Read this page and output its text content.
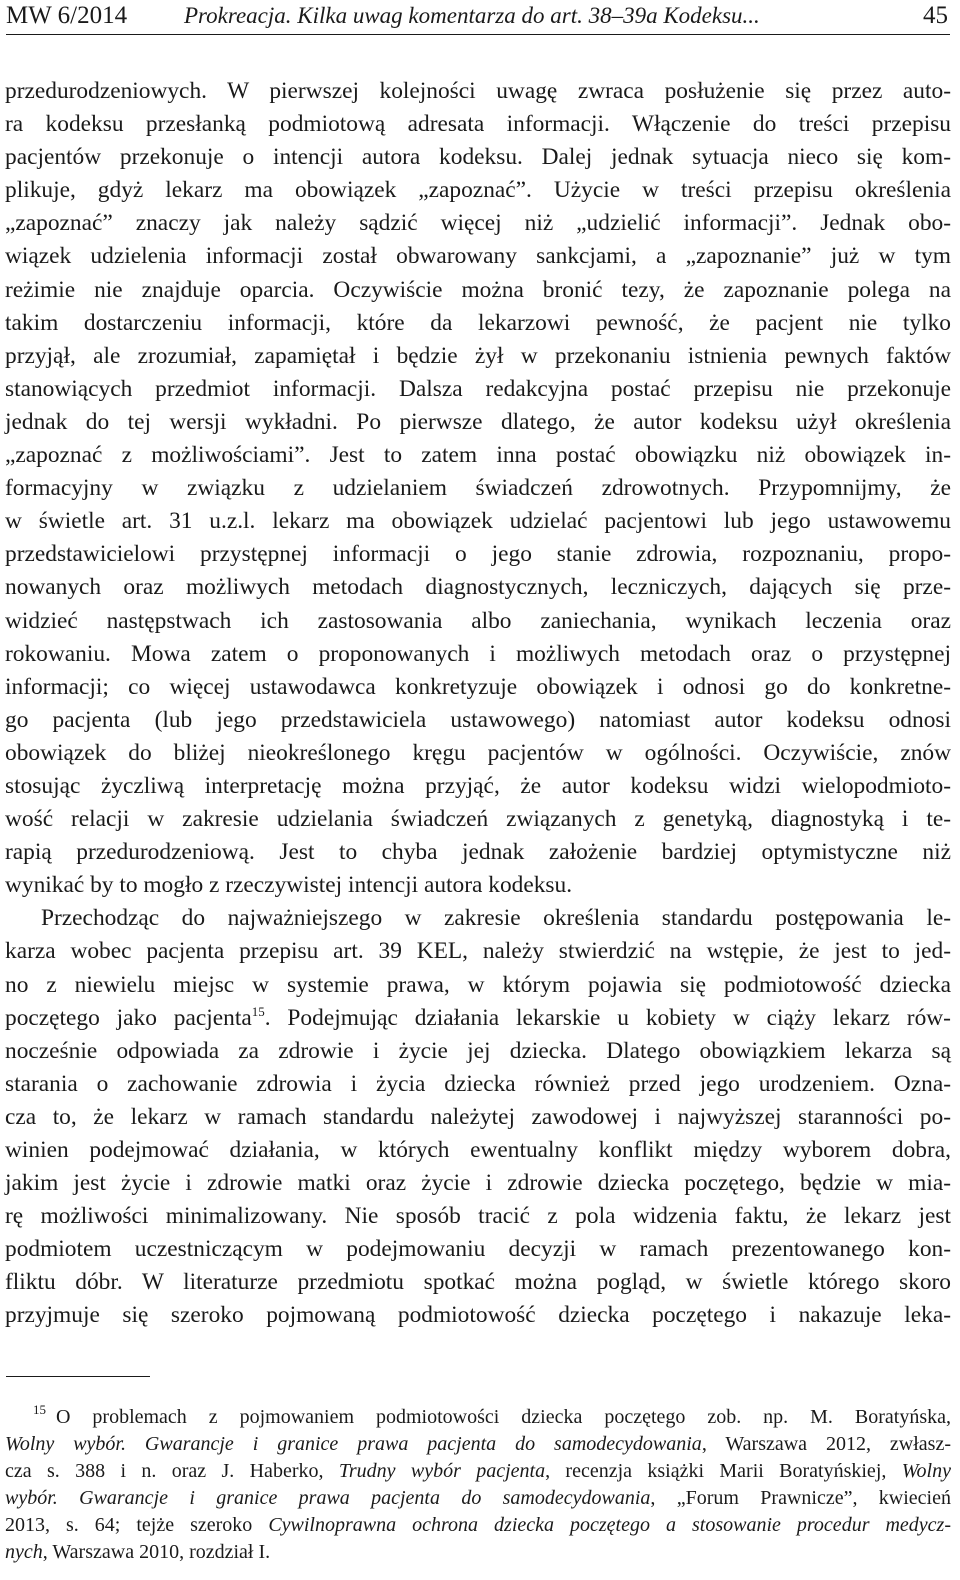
MW 6/2014 Prokreacja. Kilka uwag komentarza do art. 38–39a Kodeksu...	45
przedurodzeniowych. W pierwszej kolejności uwagę zwraca posłużenie się przez auto-
ra kodeksu przesłanką podmiotową adresata informacji. Włączenie do treści przepisu
pacjentów przekonuje o intencji autora kodeksu. Dalej jednak sytuacja nieco się kom-
plikuje, gdyż lekarz ma obowiązek „zapoznać”. Użycie w treści przepisu określenia
„zapoznać” znaczy jak należy sądzić więcej niż „udzielić informacji”. Jednak obo-
wiązek udzielenia informacji został obwarowany sankcjami, a „zapoznanie” już w tym
reżimie nie znajduje oparcia. Oczywiście można bronić tezy, że zapoznanie polega na
takim dostarczeniu informacji, które da lekarzowi pewność, że pacjent nie tylko
przyjął, ale zrozumiał, zapamiętał i będzie żył w przekonaniu istnienia pewnych faktów
stanowiących przedmiot informacji. Dalsza redakcyjna postać przepisu nie przekonuje
jednak do tej wersji wykładni. Po pierwsze dlatego, że autor kodeksu użył określenia
„zapoznać z możliwościami”. Jest to zatem inna postać obowiązku niż obowiązek in-
formacyjny w związku z udzielaniem świadczeń zdrowotnych. Przypomnijmy, że
w świetle art. 31 u.z.l. lekarz ma obowiązek udzielać pacjentowi lub jego ustawowemu
przedstawicielowi przystępnej informacji o jego stanie zdrowia, rozpoznaniu, propo-
nowanych oraz możliwych metodach diagnostycznych, leczniczych, dających się prze-
widzieć następstwach ich zastosowania albo zaniechania, wynikach leczenia oraz
rokowaniu. Mowa zatem o proponowanych i możliwych metodach oraz o przystępnej
informacji; co więcej ustawodawca konkretyzuje obowiązek i odnosi go do konkretne-
go pacjenta (lub jego przedstawiciela ustawowego) natomiast autor kodeksu odnosi
obowiązek do bliżej nieokreślonego kręgu pacjentów w ogólności. Oczywiście, znów
stosując życzliwą interpretację można przyjąć, że autor kodeksu widzi wielopodmioto-
wość relacji w zakresie udzielania świadczeń związanych z genetyką, diagnostyką i te-
rapią przedurodzeniową. Jest to chyba jednak założenie bardziej optymistyczne niż
wynikać by to mogło z rzeczywistej intencji autora kodeksu.
Przechodząc do najważniejszego w zakresie określenia standardu postępowania le-
karza wobec pacjenta przepisu art. 39 KEL, należy stwierdzić na wstępie, że jest to jed-
no z niewielu miejsc w systemie prawa, w którym pojawia się podmiotowość dziecka
poczętego jako pacjenta$^{15}$. Podejmując działania lekarskie u kobiety w ciąży lekarz rów-
nocześnie odpowiada za zdrowie i życie jej dziecka. Dlatego obowiązkiem lekarza są
starania o zachowanie zdrowia i życia dziecka również przed jego urodzeniem. Ozna-
cza to, że lekarz w ramach standardu należytej zawodowej i najwyższej staranności po-
winien podejmować działania, w których ewentualny konflikt między wyborem dobra,
jakim jest życie i zdrowie matki oraz życie i zdrowie dziecka poczętego, będzie w mia-
rę możliwości minimalizowany. Nie sposób tracić z pola widzenia faktu, że lekarz jest
podmiotem uczestniczącym w podejmowaniu decyzji w ramach prezentowanego kon-
fliktu dóbr. W literaturze przedmiotu spotkać można pogląd, w świetle którego skoro
przyjmuje się szeroko pojmowaną podmiotowość dziecka poczętego i nakazuje leka-
$^{15}$ O problemach z pojmowaniem podmiotowości dziecka poczętego zob. np. M. Boratyńska,
Wolny wybór. Gwarancje i granice prawa pacjenta do samodecydowania, Warszawa 2012, zwłasz-
cza s. 388 i n. oraz J. Haberko, Trudny wybór pacjenta, recenzja książki Marii Boratyńskiej, Wolny
wybór. Gwarancje i granice prawa pacjenta do samodecydowania, „Forum Prawnicze”, kwiecień
2013, s. 64; tejże szeroko Cywilnoprawna ochrona dziecka poczętego a stosowanie procedur medycz-
nych, Warszawa 2010, rozdział I.
